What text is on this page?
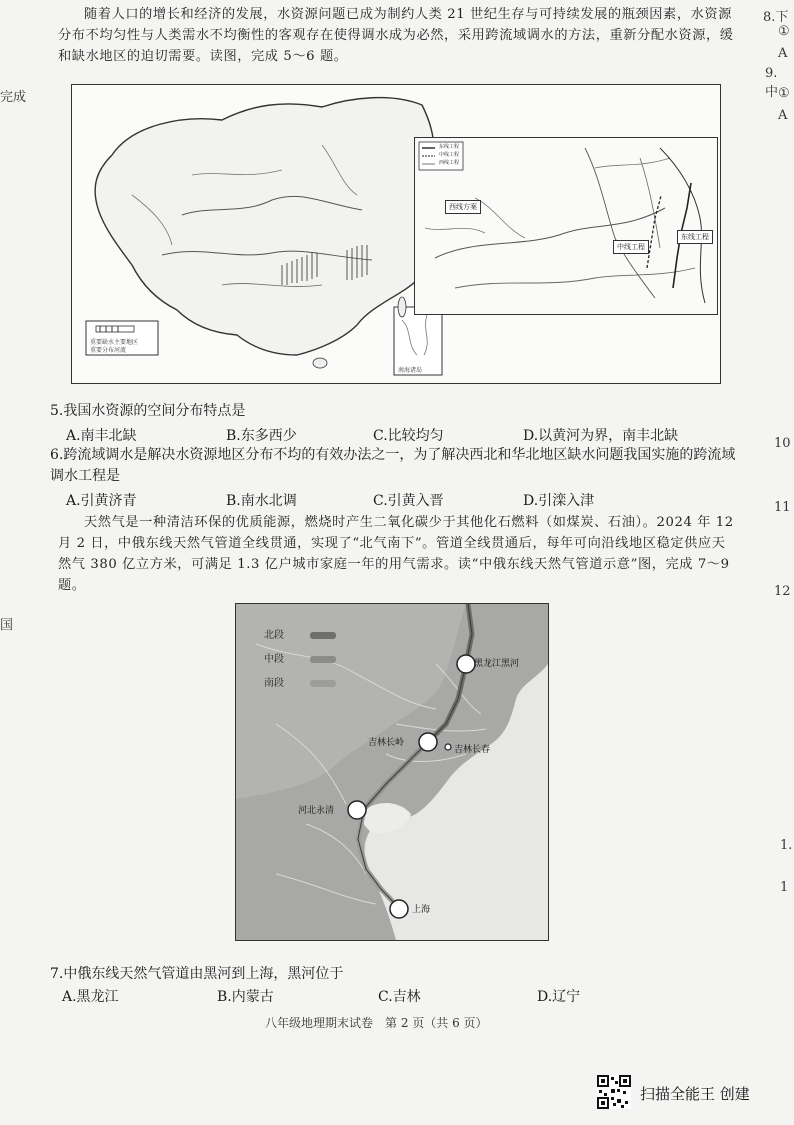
8.下
①
A
9. 中 ①
A
10
11
12
1.
1
完成
国
随着人口的增长和经济的发展，水资源问题已成为制约人类 21 世纪生存与可持续发展的瓶颈因素，水资源分布不均匀性与人类需水不均衡性的客观存在使得调水成为必然，采用跨流域调水的方法，重新分配水资源，缓和缺水地区的迫切需要。读图，完成 5～6 题。
重要缺水主要地区
重要分布河流
南海诸岛
东线工程
中线工程
西线工程
西线方案
中线工程
东线工程
5.我国水资源的空间分布特点是
A.南丰北缺	B.东多西少	C.比较均匀	D.以黄河为界，南丰北缺
6.跨流域调水是解决水资源地区分布不均的有效办法之一，为了解决西北和华北地区缺水问题我国实施的跨流域调水工程是
A.引黄济青	B.南水北调	C.引黄入晋	D.引滦入津
天然气是一种清洁环保的优质能源，燃烧时产生二氧化碳少于其他化石燃料（如煤炭、石油）。2024 年 12 月 2 日，中俄东线天然气管道全线贯通，实现了“北气南下”。管道全线贯通后，每年可向沿线地区稳定供应天然气 380 亿立方米，可满足 1.3 亿户城市家庭一年的用气需求。读“中俄东线天然气管道示意”图，完成 7～9 题。
北段
中段
南段
黑龙江黑河
吉林长岭
吉林长春
河北永清
上海
7.中俄东线天然气管道由黑河到上海，黑河位于
A.黑龙江	B.内蒙古	C.吉林	D.辽宁
八年级地理期末试卷　第 2 页（共 6 页）
扫描全能王 创建
